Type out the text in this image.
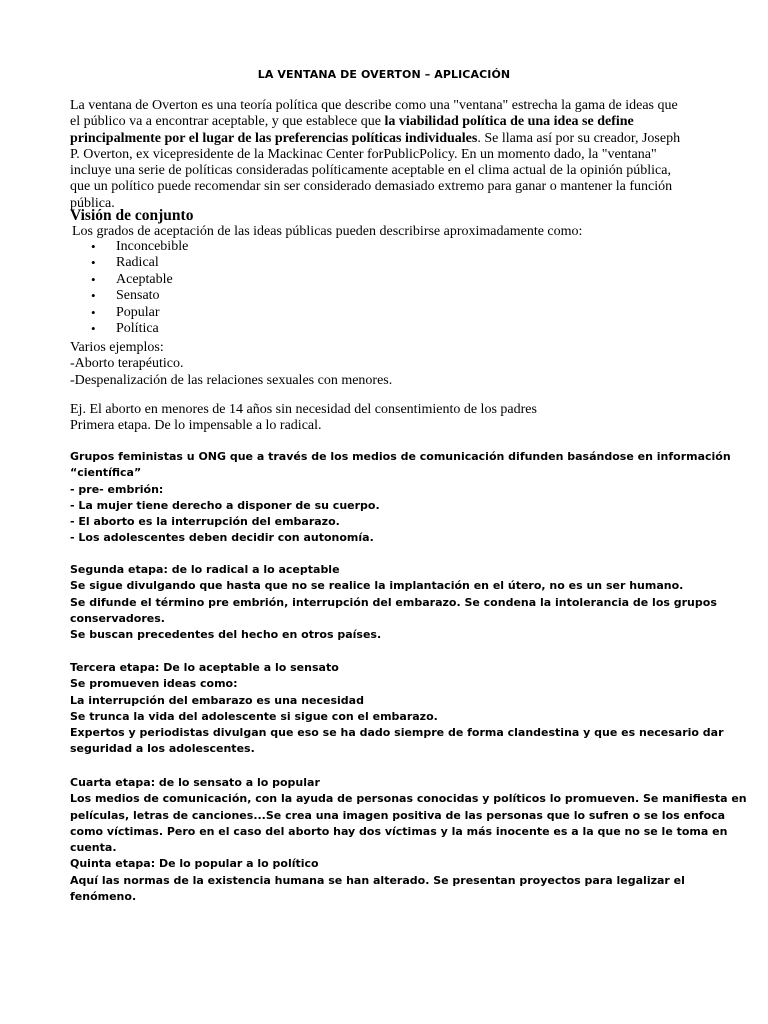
LA VENTANA DE OVERTON – APLICACIÓN
La ventana de Overton es una teoría política que describe como una "ventana" estrecha la gama de ideas que
el público va a encontrar aceptable, y que establece que la viabilidad política de una idea se define
principalmente por el lugar de las preferencias políticas individuales. Se llama así por su creador, Joseph
P. Overton, ex vicepresidente de la Mackinac Center forPublicPolicy. En un momento dado, la "ventana"
incluye una serie de políticas consideradas políticamente aceptable en el clima actual de la opinión pública,
que un político puede recomendar sin ser considerado demasiado extremo para ganar o mantener la función
pública.
Visión de conjunto
Los grados de aceptación de las ideas públicas pueden describirse aproximadamente como:
• Inconcebible
• Radical
• Aceptable
• Sensato
• Popular
• Política
Varios ejemplos:
-Aborto terapéutico.
-Despenalización de las relaciones sexuales con menores.
Ej. El aborto en menores de 14 años sin necesidad del consentimiento de los padres
Primera etapa. De lo impensable a lo radical.
Grupos feministas u ONG que a través de los medios de comunicación difunden basándose en información
“científica”
- pre- embrión:
- La mujer tiene derecho a disponer de su cuerpo.
- El aborto es la interrupción del embarazo.
- Los adolescentes deben decidir con autonomía.
Segunda etapa: de lo radical a lo aceptable
Se sigue divulgando que hasta que no se realice la implantación en el útero, no es un ser humano.
Se difunde el término pre embrión, interrupción del embarazo. Se condena la intolerancia de los grupos
conservadores.
Se buscan precedentes del hecho en otros países.
Tercera etapa: De lo aceptable a lo sensato
Se promueven ideas como:
La interrupción del embarazo es una necesidad
Se trunca la vida del adolescente si sigue con el embarazo.
Expertos y periodistas divulgan que eso se ha dado siempre de forma clandestina y que es necesario dar
seguridad a los adolescentes.
Cuarta etapa: de lo sensato a lo popular
Los medios de comunicación, con la ayuda de personas conocidas y políticos lo promueven. Se manifiesta en
películas, letras de canciones...Se crea una imagen positiva de las personas que lo sufren o se los enfoca
como víctimas. Pero en el caso del aborto hay dos víctimas y la más inocente es a la que no se le toma en
cuenta.
Quinta etapa: De lo popular a lo político
Aquí las normas de la existencia humana se han alterado. Se presentan proyectos para legalizar el
fenómeno.
